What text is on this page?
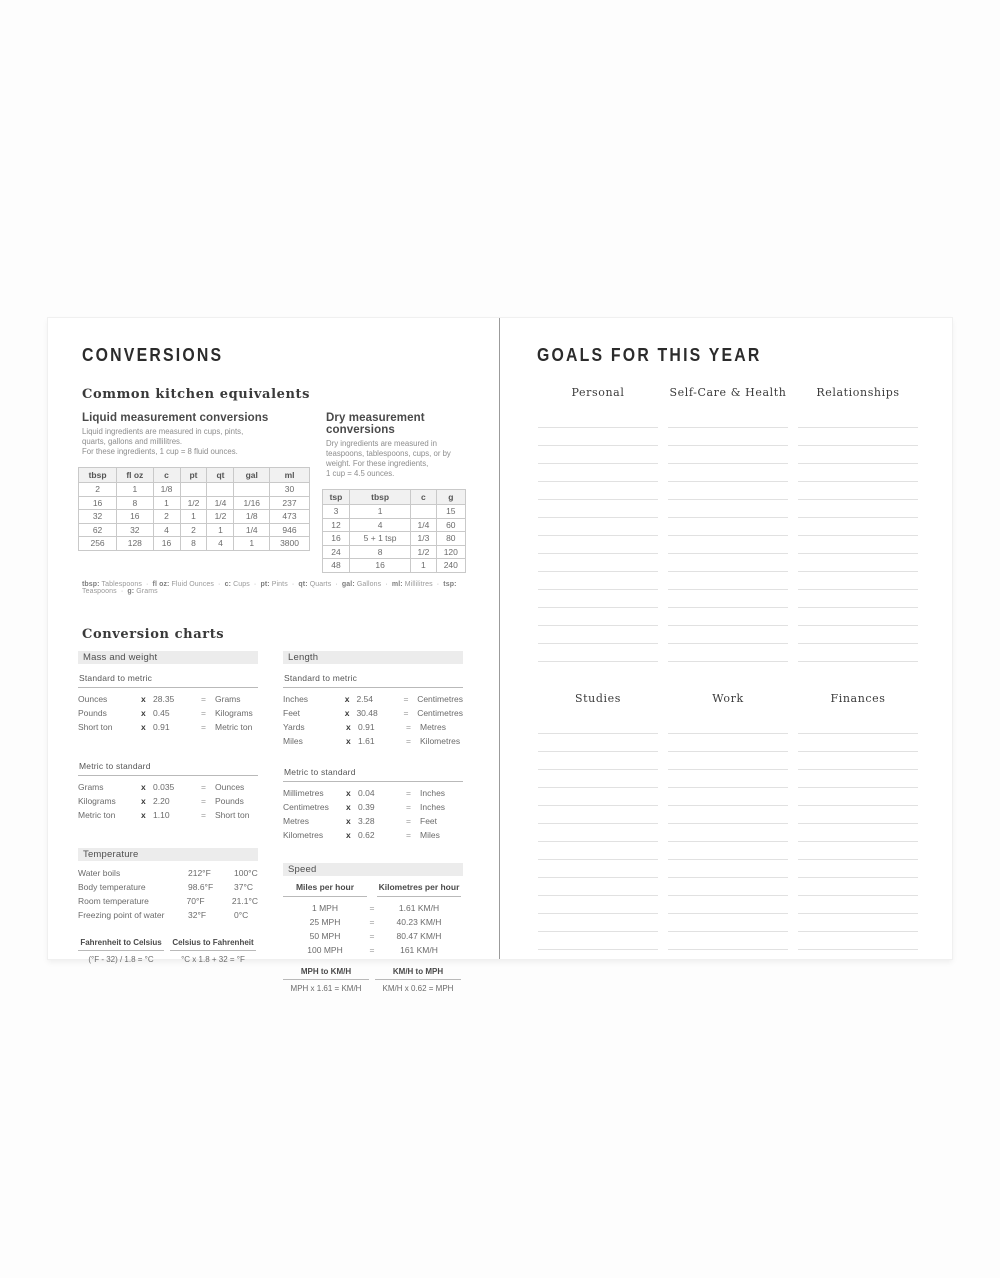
CONVERSIONS
Common kitchen equivalents
Liquid measurement conversions
Liquid ingredients are measured in cups, pints,
quarts, gallons and millilitres.
For these ingredients, 1 cup = 8 fluid ounces.
tbsp	fl oz	c	pt	qt	gal	ml
2	1	1/8				30
16	8	1	1/2	1/4	1/16	237
32	16	2	1	1/2	1/8	473
62	32	4	2	1	1/4	946
256	128	16	8	4	1	3800
Dry measurement conversions
Dry ingredients are measured in
teaspoons, tablespoons, cups, or by
weight. For these ingredients,
1 cup = 4.5 ounces.
tsp	tbsp	c	g
3	1		15
12	4	1/4	60
16	5 + 1 tsp	1/3	80
24	8	1/2	120
48	16	1	240
tbsp: Tablespoons  ·  fl oz: Fluid Ounces  ·  c: Cups  ·  pt: Pints  ·  qt: Quarts  ·  gal: Gallons  ·  ml: Millilitres  ·  tsp: Teaspoons  ·  g: Grams
Conversion charts
Mass and weight
Standard to metric
Ounces	x 28.35	=	Grams
Pounds	x 0.45	=	Kilograms
Short ton	x 0.91	=	Metric ton
Metric to standard
Grams	x 0.035	=	Ounces
Kilograms	x 2.20	=	Pounds
Metric ton	x 1.10	=	Short ton
Temperature
Water boils	212°F	100°C
Body temperature	98.6°F	37°C
Room temperature	70°F	21.1°C
Freezing point of water	32°F	0°C
Fahrenheit to Celsius
(°F - 32) / 1.8 = °C
Celsius to Fahrenheit
°C x 1.8 + 32 = °F
Length
Standard to metric
Inches	x 2.54	=	Centimetres
Feet	x 30.48	=	Centimetres
Yards	x 0.91	=	Metres
Miles	x 1.61	=	Kilometres
Metric to standard
Millimetres	x 0.04	=	Inches
Centimetres	x 0.39	=	Inches
Metres	x 3.28	=	Feet
Kilometres	x 0.62	=	Miles
Speed
Miles per hour	Kilometres per hour
1 MPH	=	1.61 KM/H
25 MPH	=	40.23 KM/H
50 MPH	=	80.47 KM/H
100 MPH	=	161 KM/H
MPH to KM/H
MPH x 1.61 = KM/H
KM/H to MPH
KM/H x 0.62 = MPH
GOALS FOR THIS YEAR
Personal	Self-Care & Health	Relationships
Studies	Work	Finances
